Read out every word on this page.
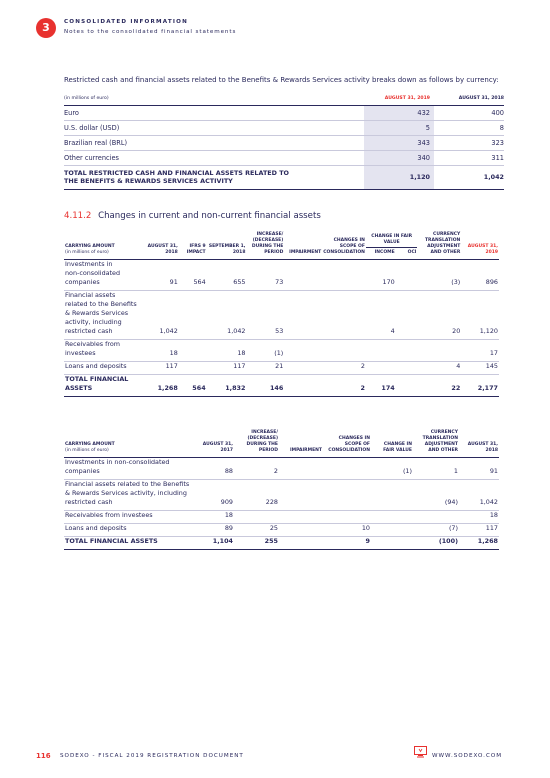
3	CONSOLIDATED INFORMATION
Notes to the consolidated financial statements
Restricted cash and financial assets related to the Benefits & Rewards Services activity breaks down as follows by currency:
(in millions of euro)	AUGUST 31, 2019	AUGUST 31, 2018
Euro	432	400
U.S. dollar (USD)	5	8
Brazilian real (BRL)	343	323
Other currencies	340	311

TOTAL RESTRICTED CASH AND FINANCIAL ASSETS RELATED TO
THE BENEFITS & REWARDS SERVICES ACTIVITY	1,120	1,042
4.11.2 Changes in current and non-current financial assets
CARRYING AMOUNT
(in millions of euro)	AUGUST 31, 2018	IFRS 9 IMPACT	SEPTEMBER 1, 2018	INCREASE/ (DECREASE) DURING THE PERIOD	IMPAIRMENT	CHANGES IN SCOPE OF CONSOLIDATION	CHANGE IN FAIR VALUE		CURRENCY TRANSLATION ADJUSTMENT AND OTHER	AUGUST 31, 2019
							INCOME	OCI		

Investments in
non-consolidated
companies	91	564	655	73			170		(3)	896

Financial assets
related to the Benefits
& Rewards Services
activity, including
restricted cash	1,042		1,042	53			4		20	1,120

Receivables from
investees	18		18	(1)						17

Loans and deposits	117		117	21		2			4	145

TOTAL FINANCIAL
ASSETS	1,268	564	1,832	146		2	174		22	2,177
CARRYING AMOUNT
(in millions of euro)	AUGUST 31, 2017	INCREASE/ (DECREASE) DURING THE PERIOD	IMPAIRMENT	CHANGES IN SCOPE OF CONSOLIDATION	CHANGE IN FAIR VALUE	CURRENCY TRANSLATION ADJUSTMENT AND OTHER	AUGUST 31, 2018

Investments in non-consolidated
companies	88	2			(1)	1	91

Financial assets related to the Benefits
& Rewards Services activity, including
restricted cash	909	228				(94)	1,042

Receivables from investees	18						18

Loans and deposits	89	25		10		(7)	117

TOTAL FINANCIAL ASSETS	1,104	255		9		(100)	1,268
116 SODEXO - FISCAL 2019 REGISTRATION DOCUMENT	WWW.SODEXO.COM
